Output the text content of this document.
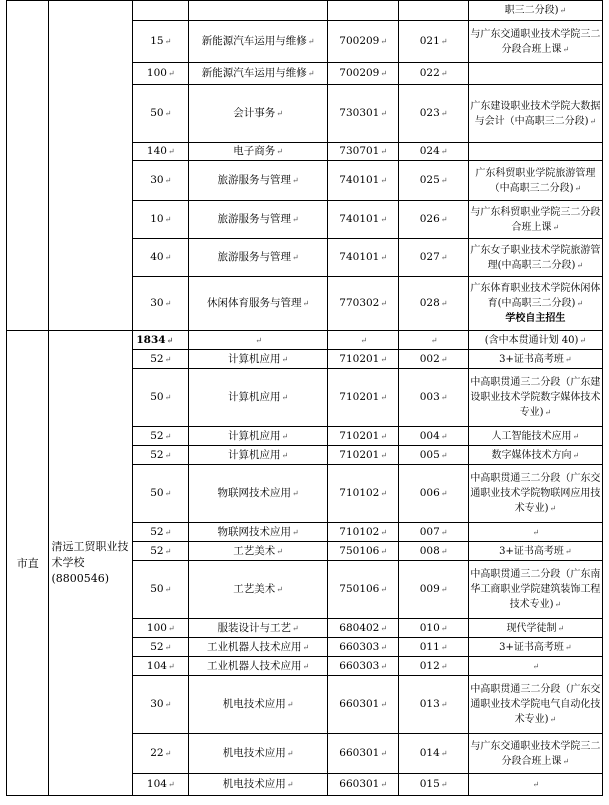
						职三二分段)↵
		15↵	新能源汽车运用与维修↵	700209↵	021↵	与广东交通职业技术学院三二分段合班上课↵
		100↵	新能源汽车运用与维修↵	700209↵	022↵	
		50↵	会计事务↵	730301↵	023↵	广东建设职业技术学院大数据与会计（中高职三二分段)↵
		140↵	电子商务↵	730701↵	024↵	
		30↵	旅游服务与管理↵	740101↵	025↵	广东科贸职业学院旅游管理（中高职三二分段)↵
		10↵	旅游服务与管理↵	740101↵	026↵	与广东科贸职业学院三二分段合班上课↵
		40↵	旅游服务与管理↵	740101↵	027↵	广东女子职业技术学院旅游管理(中高职三二分段)↵
		30↵	休闲体育服务与管理↵	770302↵	028↵	广东体育职业技术学院休闲体育(中高职三二分段)↵
学校自主招生
市直	清远工贸职业技术学校
(8800546)	1834↵	↵	↵	↵	(含中本贯通计划 40)↵
		52↵	计算机应用↵	710201↵	002↵	3+证书高考班↵
		50↵	计算机应用↵	710201↵	003↵	中高职贯通三二分段（广东建设职业技术学院数字媒体技术专业)↵
		52↵	计算机应用↵	710201↵	004↵	人工智能技术应用↵
		52↵	计算机应用↵	710201↵	005↵	数字媒体技术方向↵
		50↵	物联网技术应用↵	710102↵	006↵	中高职贯通三二分段（广东交通职业技术学院物联网应用技术专业)↵
		52↵	物联网技术应用↵	710102↵	007↵	↵
		52↵	工艺美术↵	750106↵	008↵	3+证书高考班↵
		50↵	工艺美术↵	750106↵	009↵	中高职贯通三二分段（广东南华工商职业学院建筑装饰工程技术专业)↵
		100↵	服装设计与工艺↵	680402↵	010↵	现代学徒制↵
		52↵	工业机器人技术应用↵	660303↵	011↵	3+证书高考班↵
		104↵	工业机器人技术应用↵	660303↵	012↵	↵
		30↵	机电技术应用↵	660301↵	013↵	中高职贯通三二分段（广东交通职业技术学院电气自动化技术专业)↵
		22↵	机电技术应用↵	660301↵	014↵	与广东交通职业技术学院三二分段合班上课↵
		104↵	机电技术应用↵	660301↵	015↵	↵
